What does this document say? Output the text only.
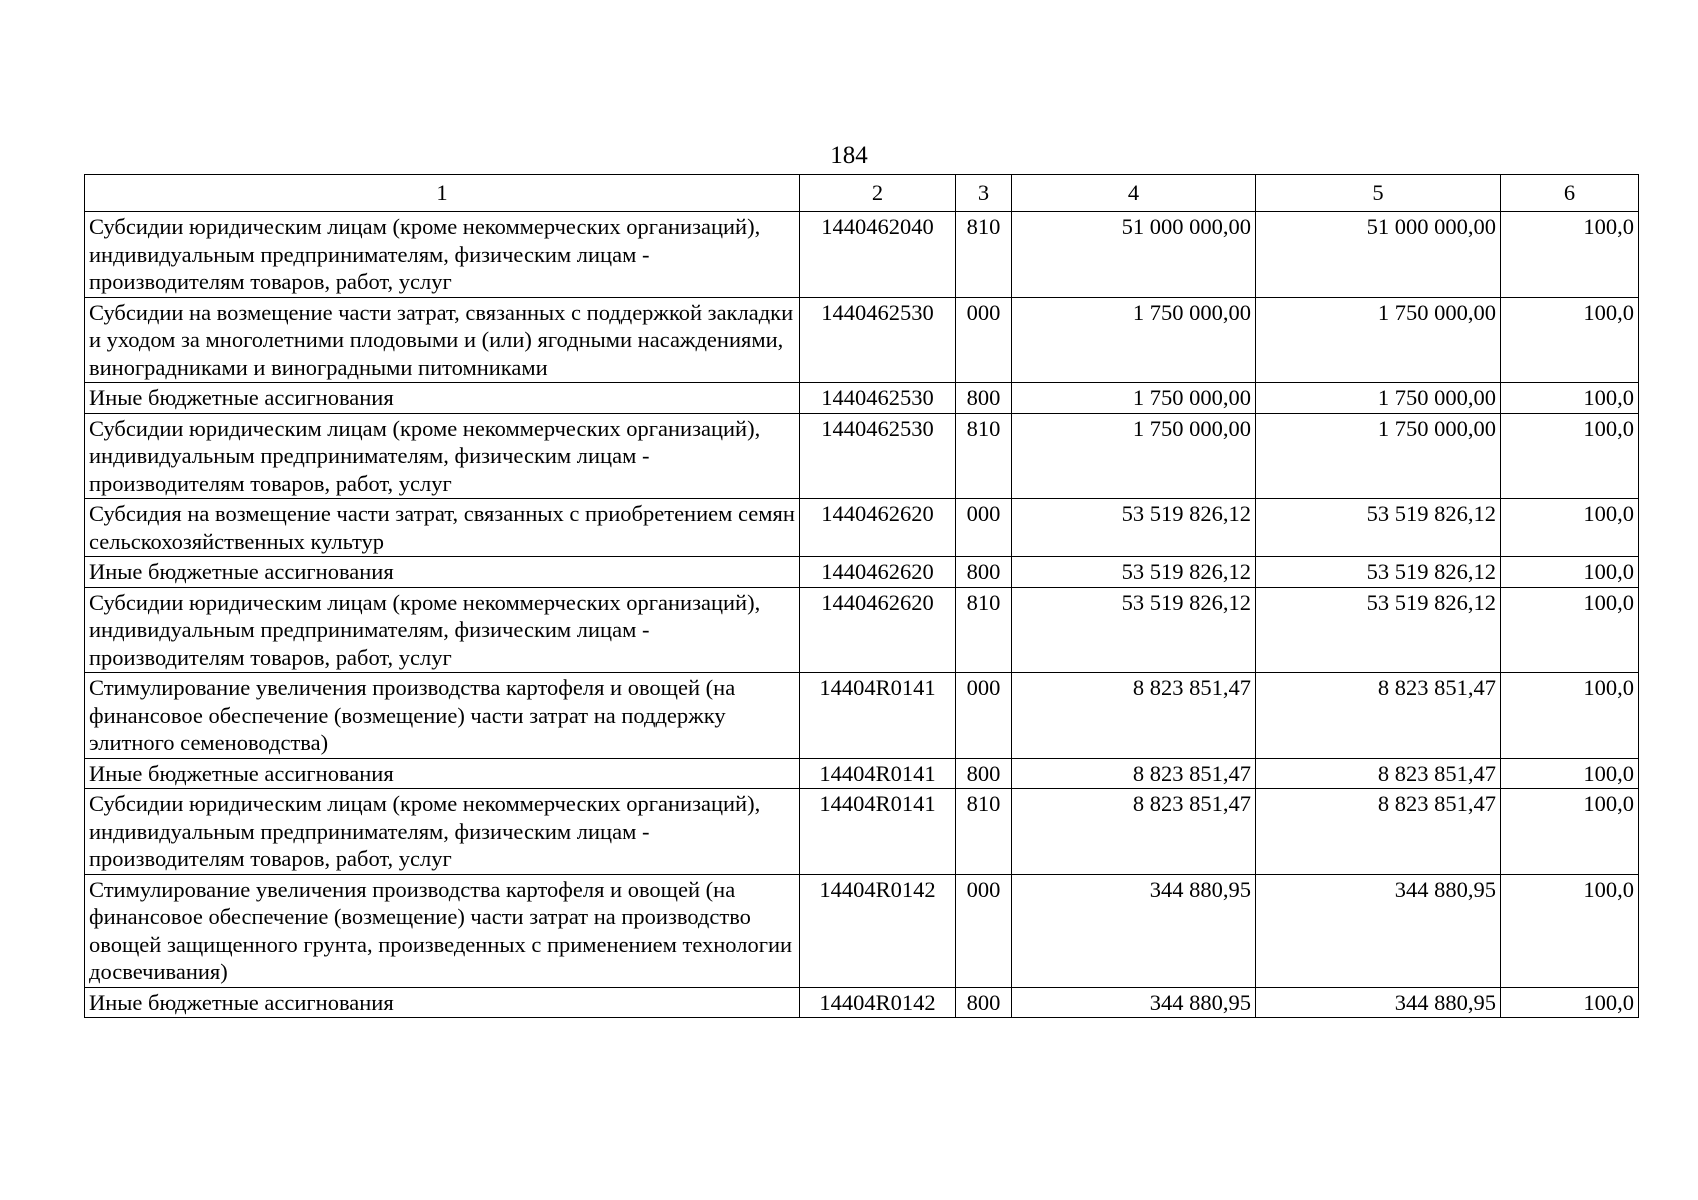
184
1	2	3	4	5	6
Субсидии юридическим лицам (кроме некоммерческих организаций), индивидуальным предпринимателям, физическим лицам - производителям товаров, работ, услуг	1440462040	810	51 000 000,00	51 000 000,00	100,0
Субсидии на возмещение части затрат, связанных с поддержкой закладки и уходом за многолетними плодовыми и (или) ягодными насаждениями, виноградниками и виноградными питомниками	1440462530	000	1 750 000,00	1 750 000,00	100,0
Иные бюджетные ассигнования	1440462530	800	1 750 000,00	1 750 000,00	100,0
Субсидии юридическим лицам (кроме некоммерческих организаций), индивидуальным предпринимателям, физическим лицам - производителям товаров, работ, услуг	1440462530	810	1 750 000,00	1 750 000,00	100,0
Субсидия на возмещение части затрат, связанных с приобретением семян сельскохозяйственных культур	1440462620	000	53 519 826,12	53 519 826,12	100,0
Иные бюджетные ассигнования	1440462620	800	53 519 826,12	53 519 826,12	100,0
Субсидии юридическим лицам (кроме некоммерческих организаций), индивидуальным предпринимателям, физическим лицам - производителям товаров, работ, услуг	1440462620	810	53 519 826,12	53 519 826,12	100,0
Стимулирование увеличения производства картофеля и овощей (на финансовое обеспечение (возмещение) части затрат на поддержку элитного семеноводства)	14404R0141	000	8 823 851,47	8 823 851,47	100,0
Иные бюджетные ассигнования	14404R0141	800	8 823 851,47	8 823 851,47	100,0
Субсидии юридическим лицам (кроме некоммерческих организаций), индивидуальным предпринимателям, физическим лицам - производителям товаров, работ, услуг	14404R0141	810	8 823 851,47	8 823 851,47	100,0
Стимулирование увеличения производства картофеля и овощей (на финансовое обеспечение (возмещение) части затрат на производство овощей защищенного грунта, произведенных с применением технологии досвечивания)	14404R0142	000	344 880,95	344 880,95	100,0
Иные бюджетные ассигнования	14404R0142	800	344 880,95	344 880,95	100,0
